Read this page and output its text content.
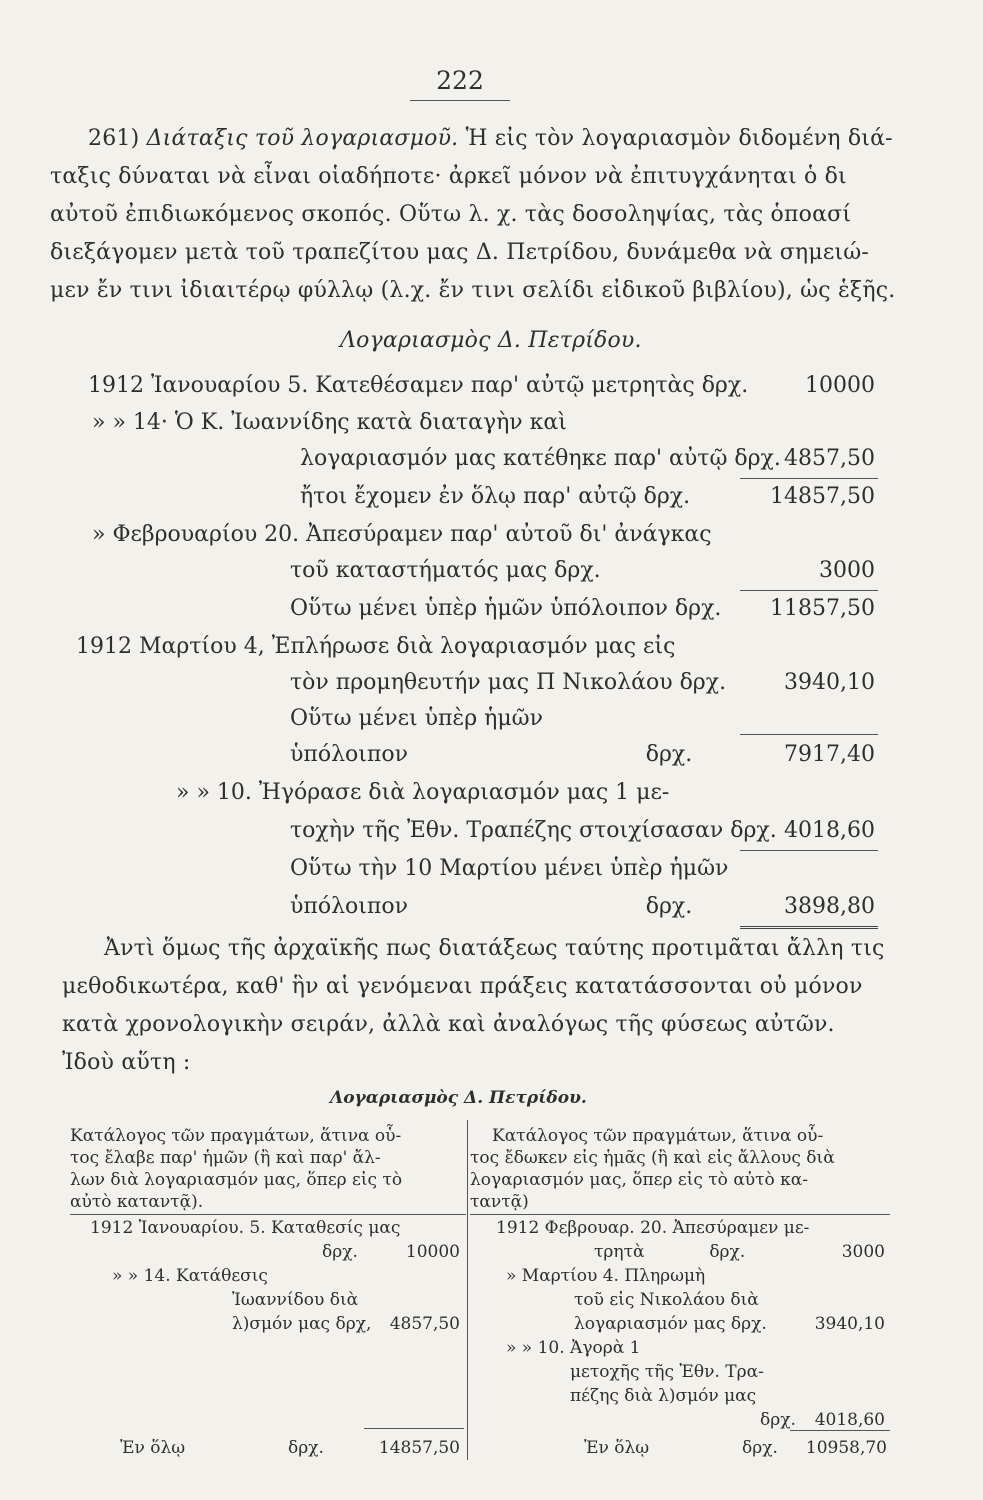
222
261) Διάταξις τοῦ λογαριασμοῦ. Ἡ εἰς τὸν λογαριασμὸν διδομένη διά-
ταξις δύναται νὰ εἶναι οἱαδήποτε· ἀρκεῖ μόνον νὰ ἐπιτυγχάνηται ὁ δι
αὐτοῦ ἐπιδιωκόμενος σκοπός. Οὕτω λ. χ. τὰς δοσοληψίας, τὰς ὁποασί
διεξάγομεν μετὰ τοῦ τραπεζίτου μας Δ. Πετρίδου, δυνάμεθα νὰ σημειώ-
μεν ἔν τινι ἰδιαιτέρῳ φύλλῳ (λ.χ. ἔν τινι σελίδι εἰδικοῦ βιβλίου), ὡς ἑξῆς.
Λογαριασμὸς Δ. Πετρίδου.
1912 Ἰανουαρίου 5. Κατεθέσαμεν παρ' αὐτῷ μετρητὰς δρχ.	10000
» » 14· Ὁ Κ. Ἰωαννίδης κατὰ διαταγὴν καὶ
λογαριασμόν μας κατέθηκε παρ' αὐτῷ δρχ. 4857,50
ἤτοι ἔχομεν ἐν ὅλῳ παρ' αὐτῷ δρχ.	14857,50
» Φεβρουαρίου 20. Ἀπεσύραμεν παρ' αὐτοῦ δι' ἀνάγκας
τοῦ καταστήματός μας δρχ.	3000
Οὕτω μένει ὑπὲρ ἡμῶν ὑπόλοιπον δρχ.	11857,50
1912 Μαρτίου 4, Ἐπλήρωσε διὰ λογαριασμόν μας εἰς
τὸν προμηθευτήν μας Π Νικολάου δρχ.	3940,10
Οὕτω μένει ὑπὲρ ἡμῶν
ὑπόλοιπον                                  δρχ.	7917,40
» » 10. Ἠγόρασε διὰ λογαριασμόν μας 1 με-
τοχὴν τῆς Ἐθν. Τραπέζης στοιχίσασαν δρχ. 4018,60
Οὕτω τὴν 10 Μαρτίου μένει ὑπὲρ ἡμῶν
ὑπόλοιπον                                  δρχ.	3898,80
Ἀντὶ ὅμως τῆς ἀρχαϊκῆς πως διατάξεως ταύτης προτιμᾶται ἄλλη τις
μεθοδικωτέρα, καθ' ἣν αἱ γενόμεναι πράξεις κατατάσσονται οὐ μόνον
κατὰ χρονολογικὴν σειράν, ἀλλὰ καὶ ἀναλόγως τῆς φύσεως αὐτῶν.
Ἰδοὺ αὕτη :
Λογαριασμὸς Δ. Πετρίδου.
Κατάλογος τῶν πραγμάτων, ἅτινα οὗ-
τος ἔλαβε παρ' ἡμῶν (ἢ καὶ παρ' ἄλ-
λων διὰ λογαριασμόν μας, ὅπερ εἰς τὸ
αὐτὸ καταντᾷ).
Κατάλογος τῶν πραγμάτων, ἅτινα οὗ-
τος ἔδωκεν εἰς ἡμᾶς (ἢ καὶ εἰς ἄλλους διὰ
λογαριασμόν μας, ὅπερ εἰς τὸ αὐτὸ κα-
ταντᾷ)
1912 Ἰανουαρίου. 5. Καταθεσίς μας
δρχ.	10000
» » 14. Κατάθεσις
Ἰωαννίδου διὰ
λ)σμόν μας δρχ,	4857,50
1912 Φεβρουαρ. 20. Ἀπεσύραμεν με-
τρητὰ            δρχ.	3000
» Μαρτίου 4. Πληρωμὴ
τοῦ εἰς Νικολάου διὰ
λογαριασμόν μας δρχ.	3940,10
» » 10. Ἀγορὰ 1
μετοχῆς τῆς Ἐθν. Τρα-
πέζης διὰ λ)σμόν μας
δρχ.	4018,60
Ἐν ὅλῳ	δρχ.	14857,50	Ἐν ὅλῳ	δρχ.	10958,70
